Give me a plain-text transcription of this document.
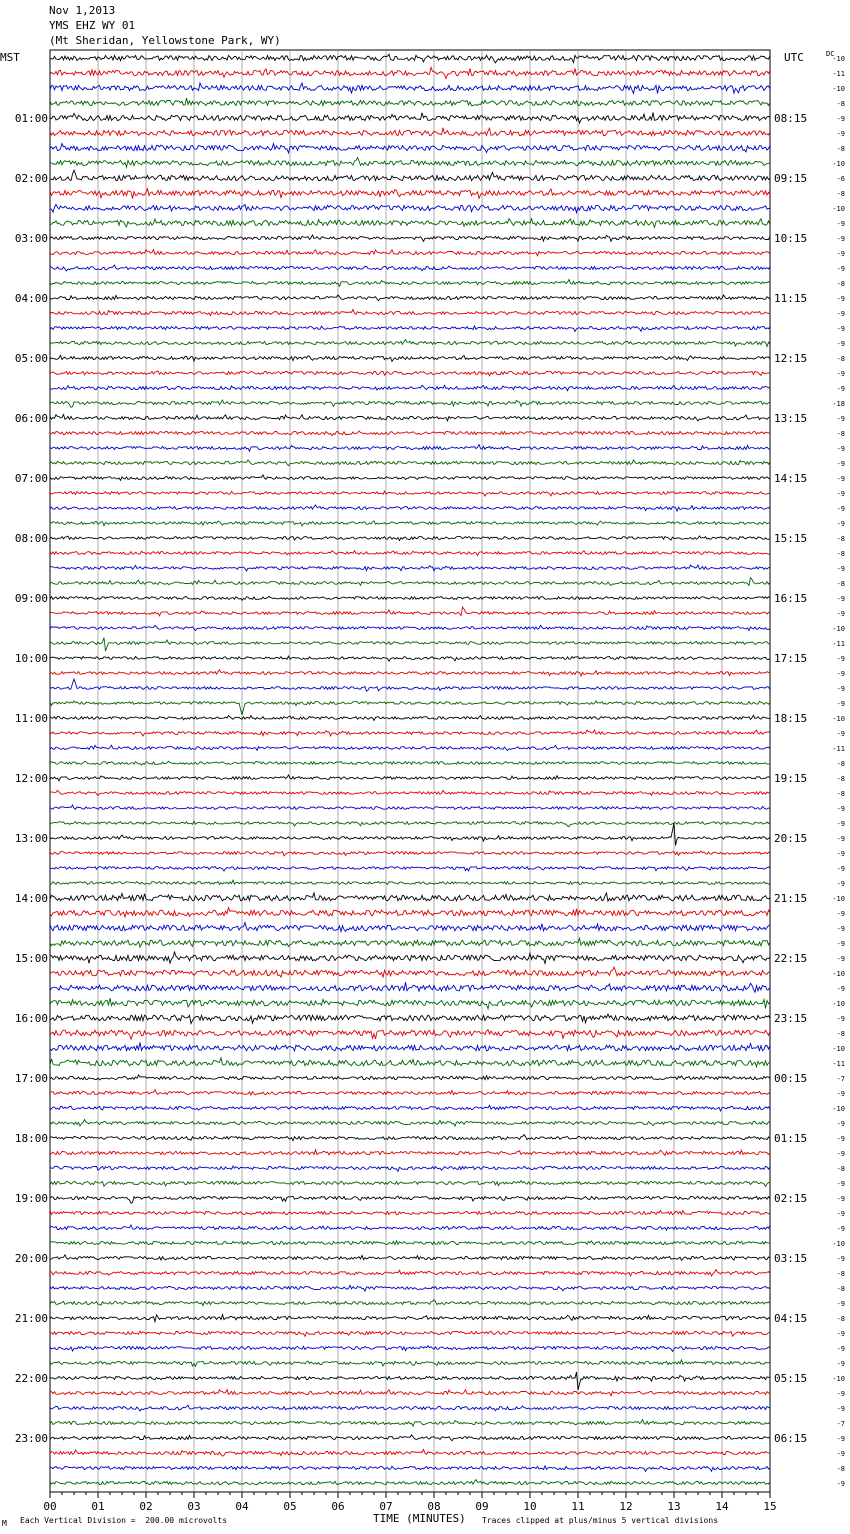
Nov 1,2013
YMS EHZ WY 01
(Mt Sheridan, Yellowstone Park, WY)
MST	UTC	DC
00	01	02	03	04	05	06	07	08	09	10	11	12	13	14	15
-10
-11
-10
-8
-9
-9
-8
-10
-6
-8
-10
-9
-9
-9
-9
-8
-9
-9
-9
-9
-8
-9
-9
-18
-9
-8
-9
-9
-9
-9
-9
-9
-8
-8
-9
-8
-9
-9
-10
-11
-9
-9
-9
-9
-10
-9
-11
-8
-8
-8
-9
-9
-9
-9
-9
-9
-10
-9
-9
-9
-9
-10
-9
-10
-9
-8
-10
-11
-7
-9
-10
-9
-9
-9
-8
-9
-9
-9
-9
-10
-9
-8
-8
-9
-8
-9
-9
-9
-10
-9
-9
-7
-9
-9
-8
-9
01:00
02:00
03:00
04:00
05:00
06:00
07:00
08:00
09:00
10:00
11:00
12:00
13:00
14:00
15:00
16:00
17:00
18:00
19:00
20:00
21:00
22:00
23:00
08:15
09:15
10:15
11:15
12:15
13:15
14:15
15:15
16:15
17:15
18:15
19:15
20:15
21:15
22:15
23:15
00:15
01:15
02:15
03:15
04:15
05:15
06:15
M Each Vertical Division =  200.00 microvolts	TIME (MINUTES) Traces clipped at plus/minus 5 vertical divisions
